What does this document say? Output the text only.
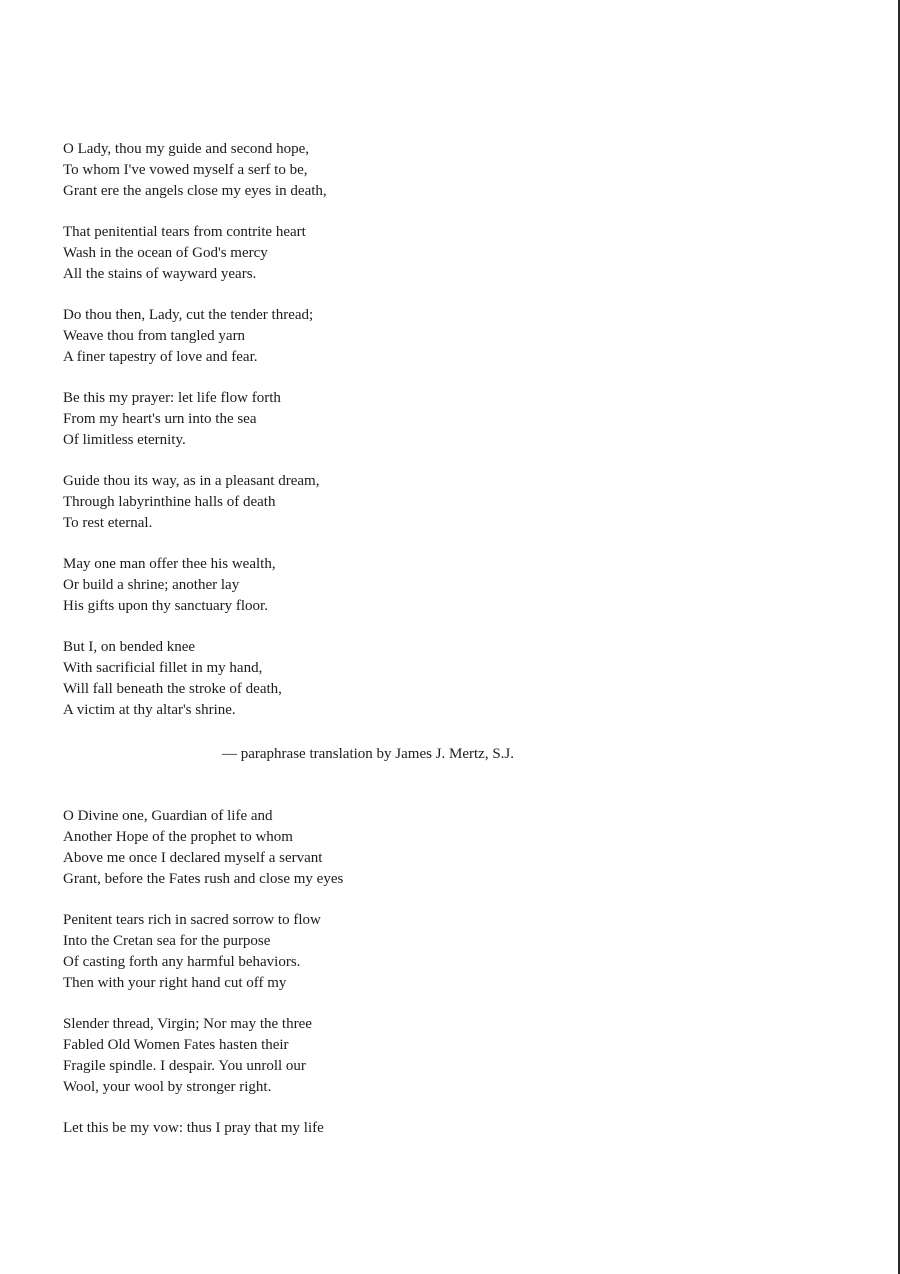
O Lady, thou my guide and second hope,
To whom I've vowed myself a serf to be,
Grant ere the angels close my eyes in death,
That penitential tears from contrite heart
Wash in the ocean of God's mercy
All the stains of wayward years.
Do thou then, Lady, cut the tender thread;
Weave thou from tangled yarn
A finer tapestry of love and fear.
Be this my prayer: let life flow forth
From my heart's urn into the sea
Of limitless eternity.
Guide thou its way, as in a pleasant dream,
Through labyrinthine halls of death
To rest eternal.
May one man offer thee his wealth,
Or build a shrine; another lay
His gifts upon thy sanctuary floor.
But I, on bended knee
With sacrificial fillet in my hand,
Will fall beneath the stroke of death,
A victim at thy altar's shrine.
— paraphrase translation by James J. Mertz, S.J.
O Divine one, Guardian of life and
Another Hope of the prophet to whom
Above me once I declared myself a servant
Grant, before the Fates rush and close my eyes
Penitent tears rich in sacred sorrow to flow
Into the Cretan sea for the purpose
Of casting forth any harmful behaviors.
Then with your right hand cut off my
Slender thread, Virgin; Nor may the three
Fabled Old Women Fates hasten their
Fragile spindle. I despair. You unroll our
Wool, your wool by stronger right.
Let this be my vow: thus I pray that my life
